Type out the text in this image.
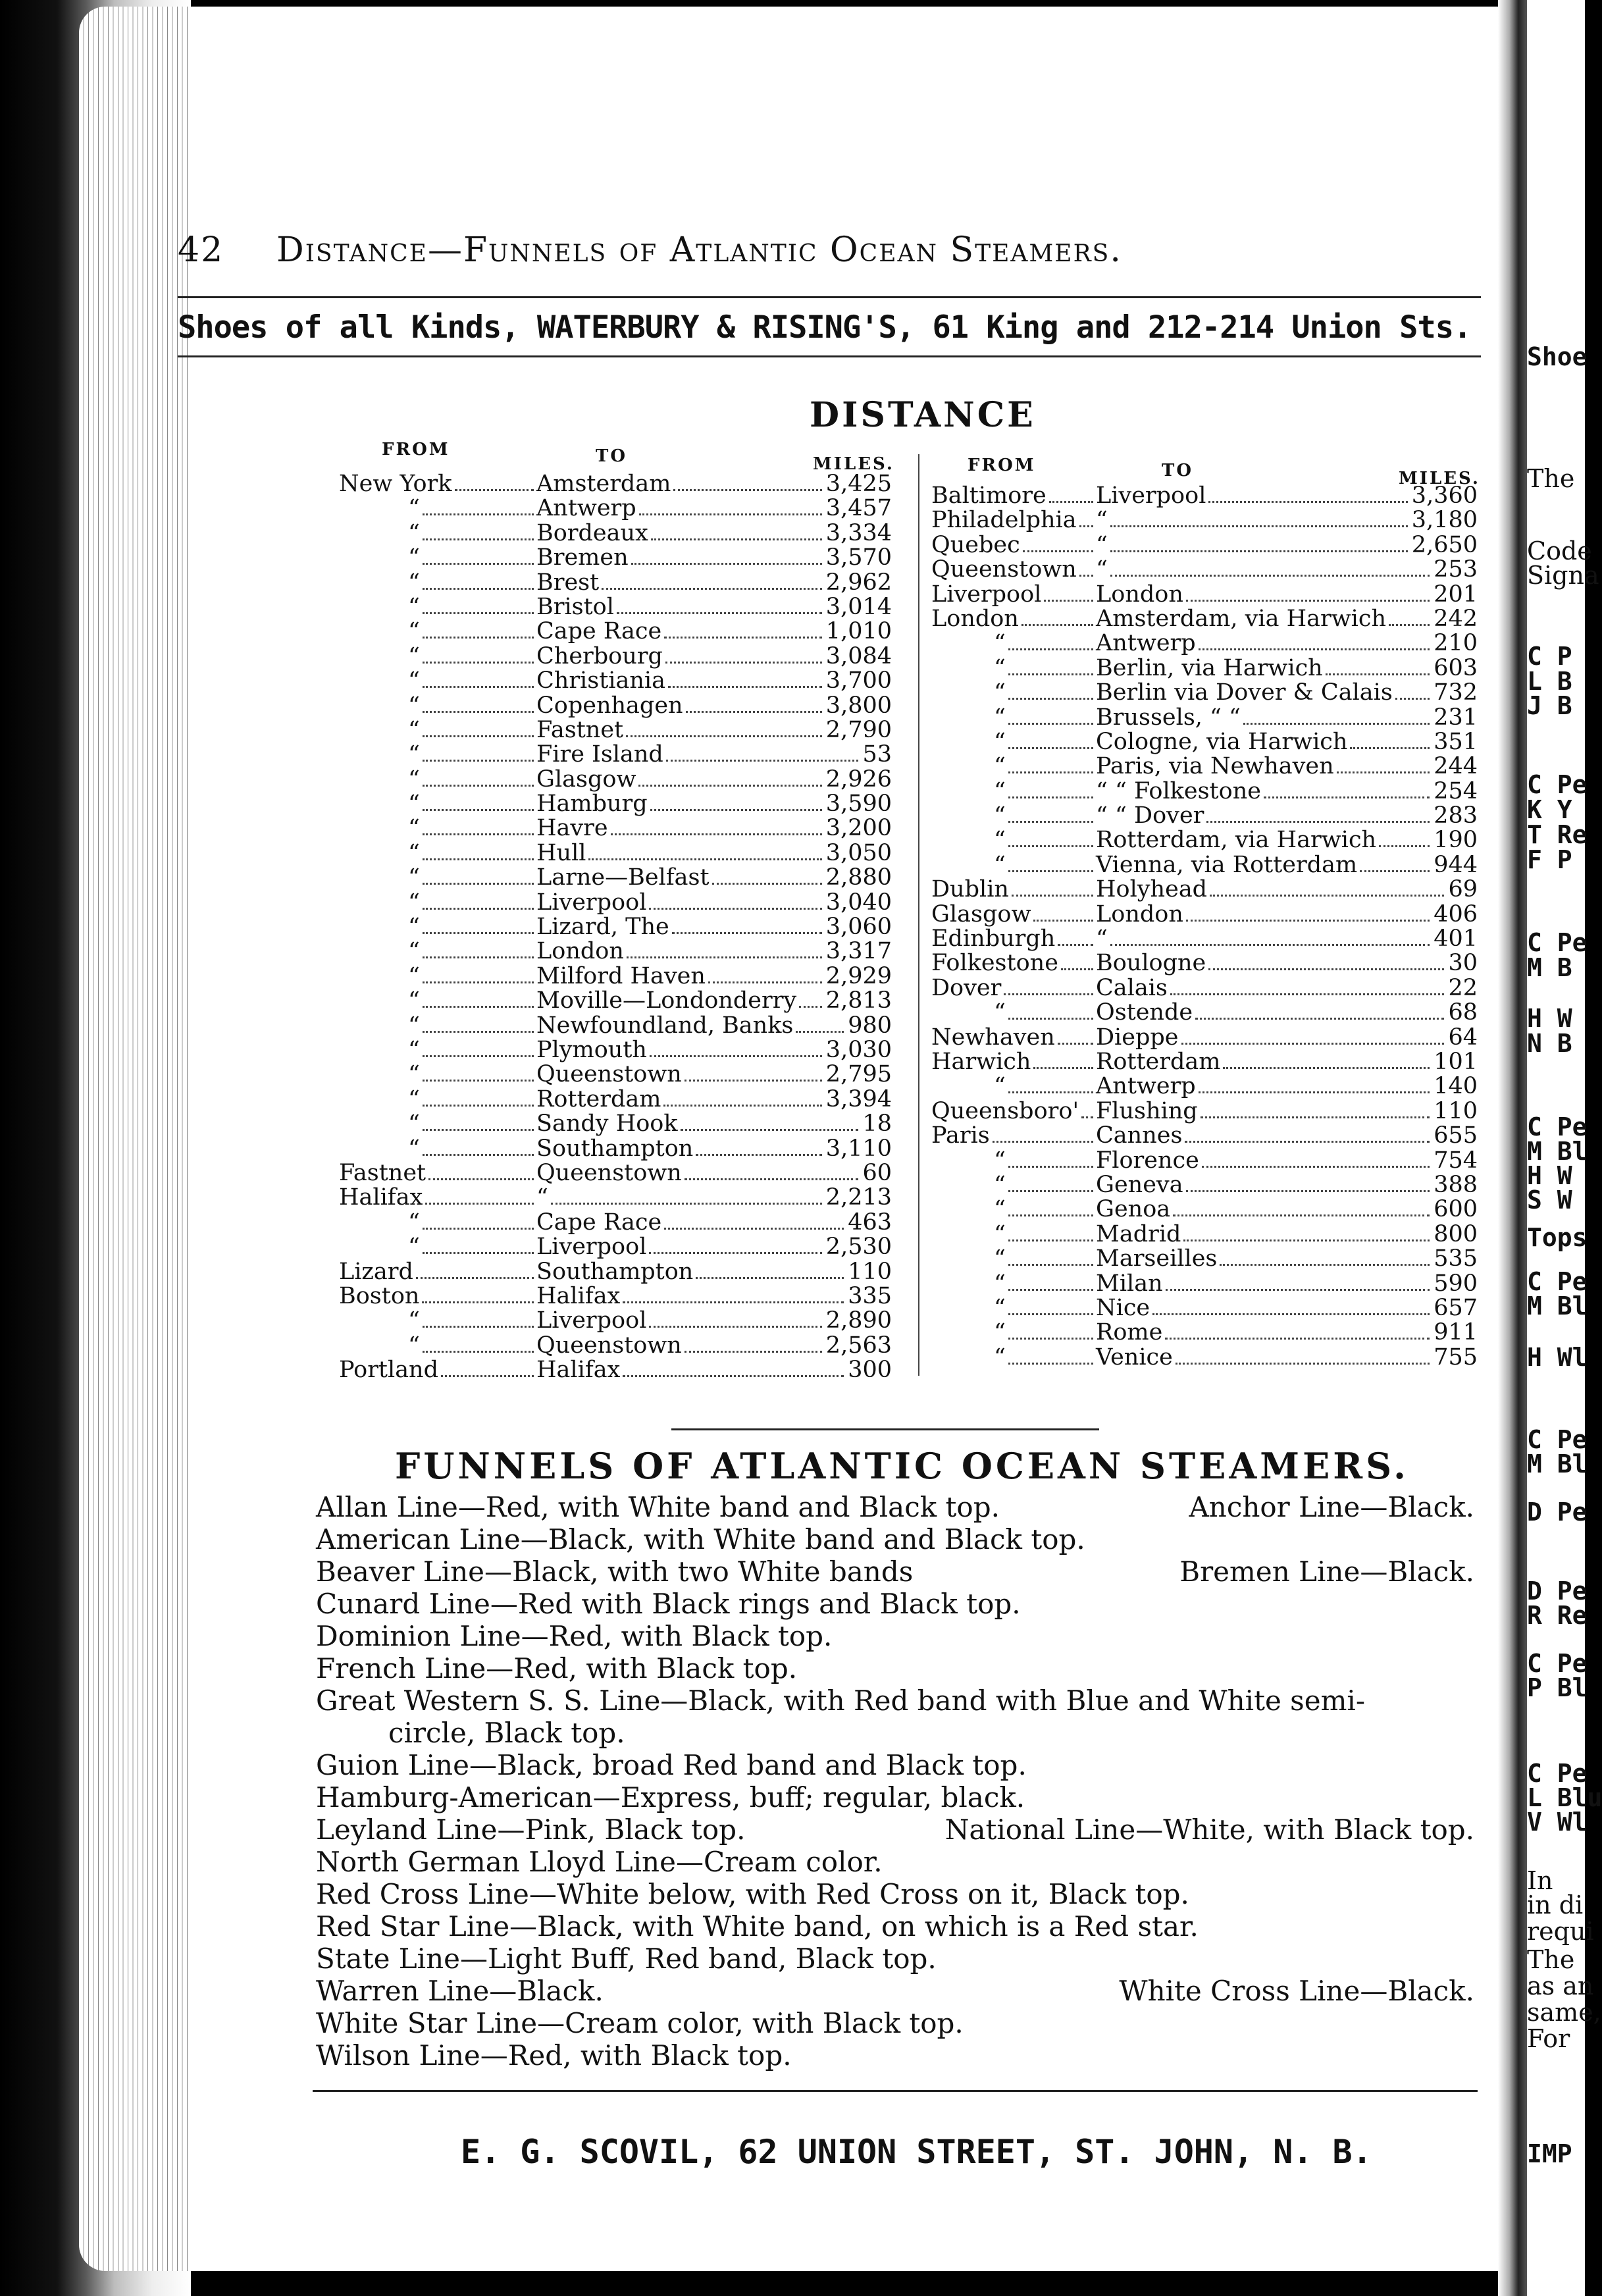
Shoe
The
Code
Signa
C P
L B
J B
C Pe
K Y
T Re
F P
C Pe
M B
H W
N B
C Pe
M Bl
H W
S W
Tops
C Pe
M Bl
H Wl
C Pe
M Bl
D Pe
D Pe
R Re
C Pe
P Bl
C Pe
L Blu
V Wl
In
in di
requi
The
as an
same,
For
IMP
42 Distance—Funnels of Atlantic Ocean Steamers.
Shoes of all Kinds, WATERBURY & RISING'S, 61 King and 212-214 Union Sts.
DISTANCE
FROM	TO	MILES.	FROM	TO	MILES.
New York	Amsterdam	3,425
“	Antwerp	3,457
“	Bordeaux	3,334
“	Bremen	3,570
“	Brest	2,962
“	Bristol	3,014
“	Cape Race	1,010
“	Cherbourg	3,084
“	Christiania	3,700
“	Copenhagen	3,800
“	Fastnet	2,790
“	Fire Island	53
“	Glasgow	2,926
“	Hamburg	3,590
“	Havre	3,200
“	Hull	3,050
“	Larne—Belfast	2,880
“	Liverpool	3,040
“	Lizard, The	3,060
“	London	3,317
“	Milford Haven	2,929
“	Moville—Londonderry 2,813
“	Newfoundland, Banks 980
“	Plymouth	3,030
“	Queenstown	2,795
“	Rotterdam	3,394
“	Sandy Hook	18
“	Southampton	3,110
Fastnet	Queenstown	60
Halifax	“	2,213
“	Cape Race	463
“	Liverpool	2,530
Lizard	Southampton	110
Boston	Halifax	335
“	Liverpool	2,890
“	Queenstown	2,563
Portland	Halifax	300
Baltimore Liverpool	3,360
Philadelphia “	3,180
Quebec	“	2,650
Queenstown “	253
Liverpool London	201
London	Amsterdam, via Harwich 242
“	Antwerp	210
“	Berlin, via Harwich	603
“	Berlin via Dover & Calais 732
“	Brussels, “ “	231
“	Cologne, via Harwich	351
“	Paris, via Newhaven	244
“	“ “ Folkestone	254
“	“ “ Dover	283
“	Rotterdam, via Harwich 190
“	Vienna, via Rotterdam	944
Dublin	Holyhead	69
Glasgow	London	406
Edinburgh “	401
Folkestone Boulogne	30
Dover	Calais	22
“	Ostende	68
Newhaven Dieppe	64
Harwich	Rotterdam	101
“	Antwerp	140
Queensboro' Flushing	110
Paris	Cannes	655
“	Florence	754
“	Geneva	388
“	Genoa	600
“	Madrid	800
“	Marseilles	535
“	Milan	590
“	Nice	657
“	Rome	911
“	Venice	755
FUNNELS OF ATLANTIC OCEAN STEAMERS.
Allan Line—Red, with White band and Black top.	Anchor Line—Black.
American Line—Black, with White band and Black top.
Beaver Line—Black, with two White bands	Bremen Line—Black.
Cunard Line—Red with Black rings and Black top.
Dominion Line—Red, with Black top.
French Line—Red, with Black top.
Great Western S. S. Line—Black, with Red band with Blue and White semi-
circle, Black top.
Guion Line—Black, broad Red band and Black top.
Hamburg-American—Express, buff; regular, black.
Leyland Line—Pink, Black top.	National Line—White, with Black top.
North German Lloyd Line—Cream color.
Red Cross Line—White below, with Red Cross on it, Black top.
Red Star Line—Black, with White band, on which is a Red star.
State Line—Light Buff, Red band, Black top.
Warren Line—Black.	White Cross Line—Black.
White Star Line—Cream color, with Black top.
Wilson Line—Red, with Black top.
E. G. SCOVIL, 62 UNION STREET, ST. JOHN, N. B.
